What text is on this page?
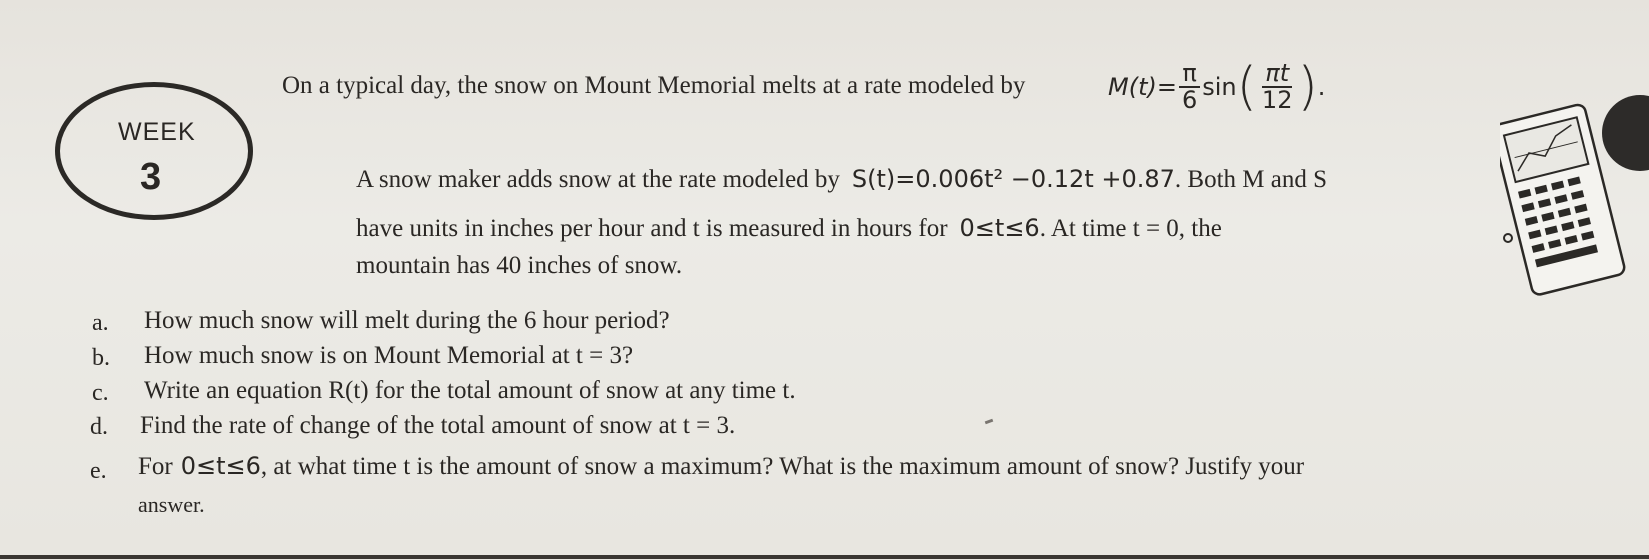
WEEK
3
On a typical day, the snow on Mount Memorial melts at a rate modeled by	$M(t)= \frac{\pi}{6}$ sin ( $\frac{\pi t}{12}$ ) .
A snow maker adds snow at the rate modeled by S(t)=0.006t² −0.12t +0.87 . Both M and S
have units in inches per hour and t is measured in hours for 0≤t≤6 . At time t = 0, the
mountain has 40 inches of snow.
a. How much snow will melt during the 6 hour period?
b. How much snow is on Mount Memorial at t = 3?
c. Write an equation R(t) for the total amount of snow at any time t.
d. Find the rate of change of the total amount of snow at t = 3.
e. For 0≤t≤6 , at what time t is the amount of snow a maximum? What is the maximum amount of snow? Justify your
answer.
